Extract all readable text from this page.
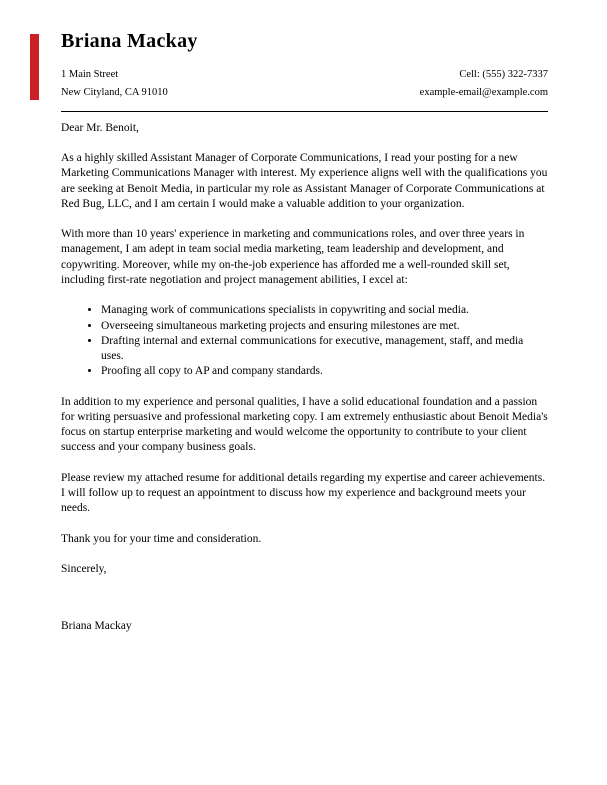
Briana Mackay
1 Main Street
New Cityland, CA 91010
Cell: (555) 322-7337
example-email@example.com

Dear Mr. Benoit,

As a highly skilled Assistant Manager of Corporate Communications, I read your posting for a new Marketing Communications Manager with interest. My experience aligns well with the qualifications you are seeking at Benoit Media, in particular my role as Assistant Manager of Corporate Communications at Red Bug, LLC, and I am certain I would make a valuable addition to your organization.

With more than 10 years' experience in marketing and communications roles, and over three years in management, I am adept in team social media marketing, team leadership and development, and copywriting. Moreover, while my on-the-job experience has afforded me a well-rounded skill set, including first-rate negotiation and project management abilities, I excel at:

• Managing work of communications specialists in copywriting and social media.
• Overseeing simultaneous marketing projects and ensuring milestones are met.
• Drafting internal and external communications for executive, management, staff, and media uses.
• Proofing all copy to AP and company standards.

In addition to my experience and personal qualities, I have a solid educational foundation and a passion for writing persuasive and professional marketing copy. I am extremely enthusiastic about Benoit Media's focus on startup enterprise marketing and would welcome the opportunity to contribute to your client success and your company business goals.

Please review my attached resume for additional details regarding my expertise and career achievements. I will follow up to request an appointment to discuss how my experience and background meets your needs.

Thank you for your time and consideration.

Sincerely,

Briana Mackay
